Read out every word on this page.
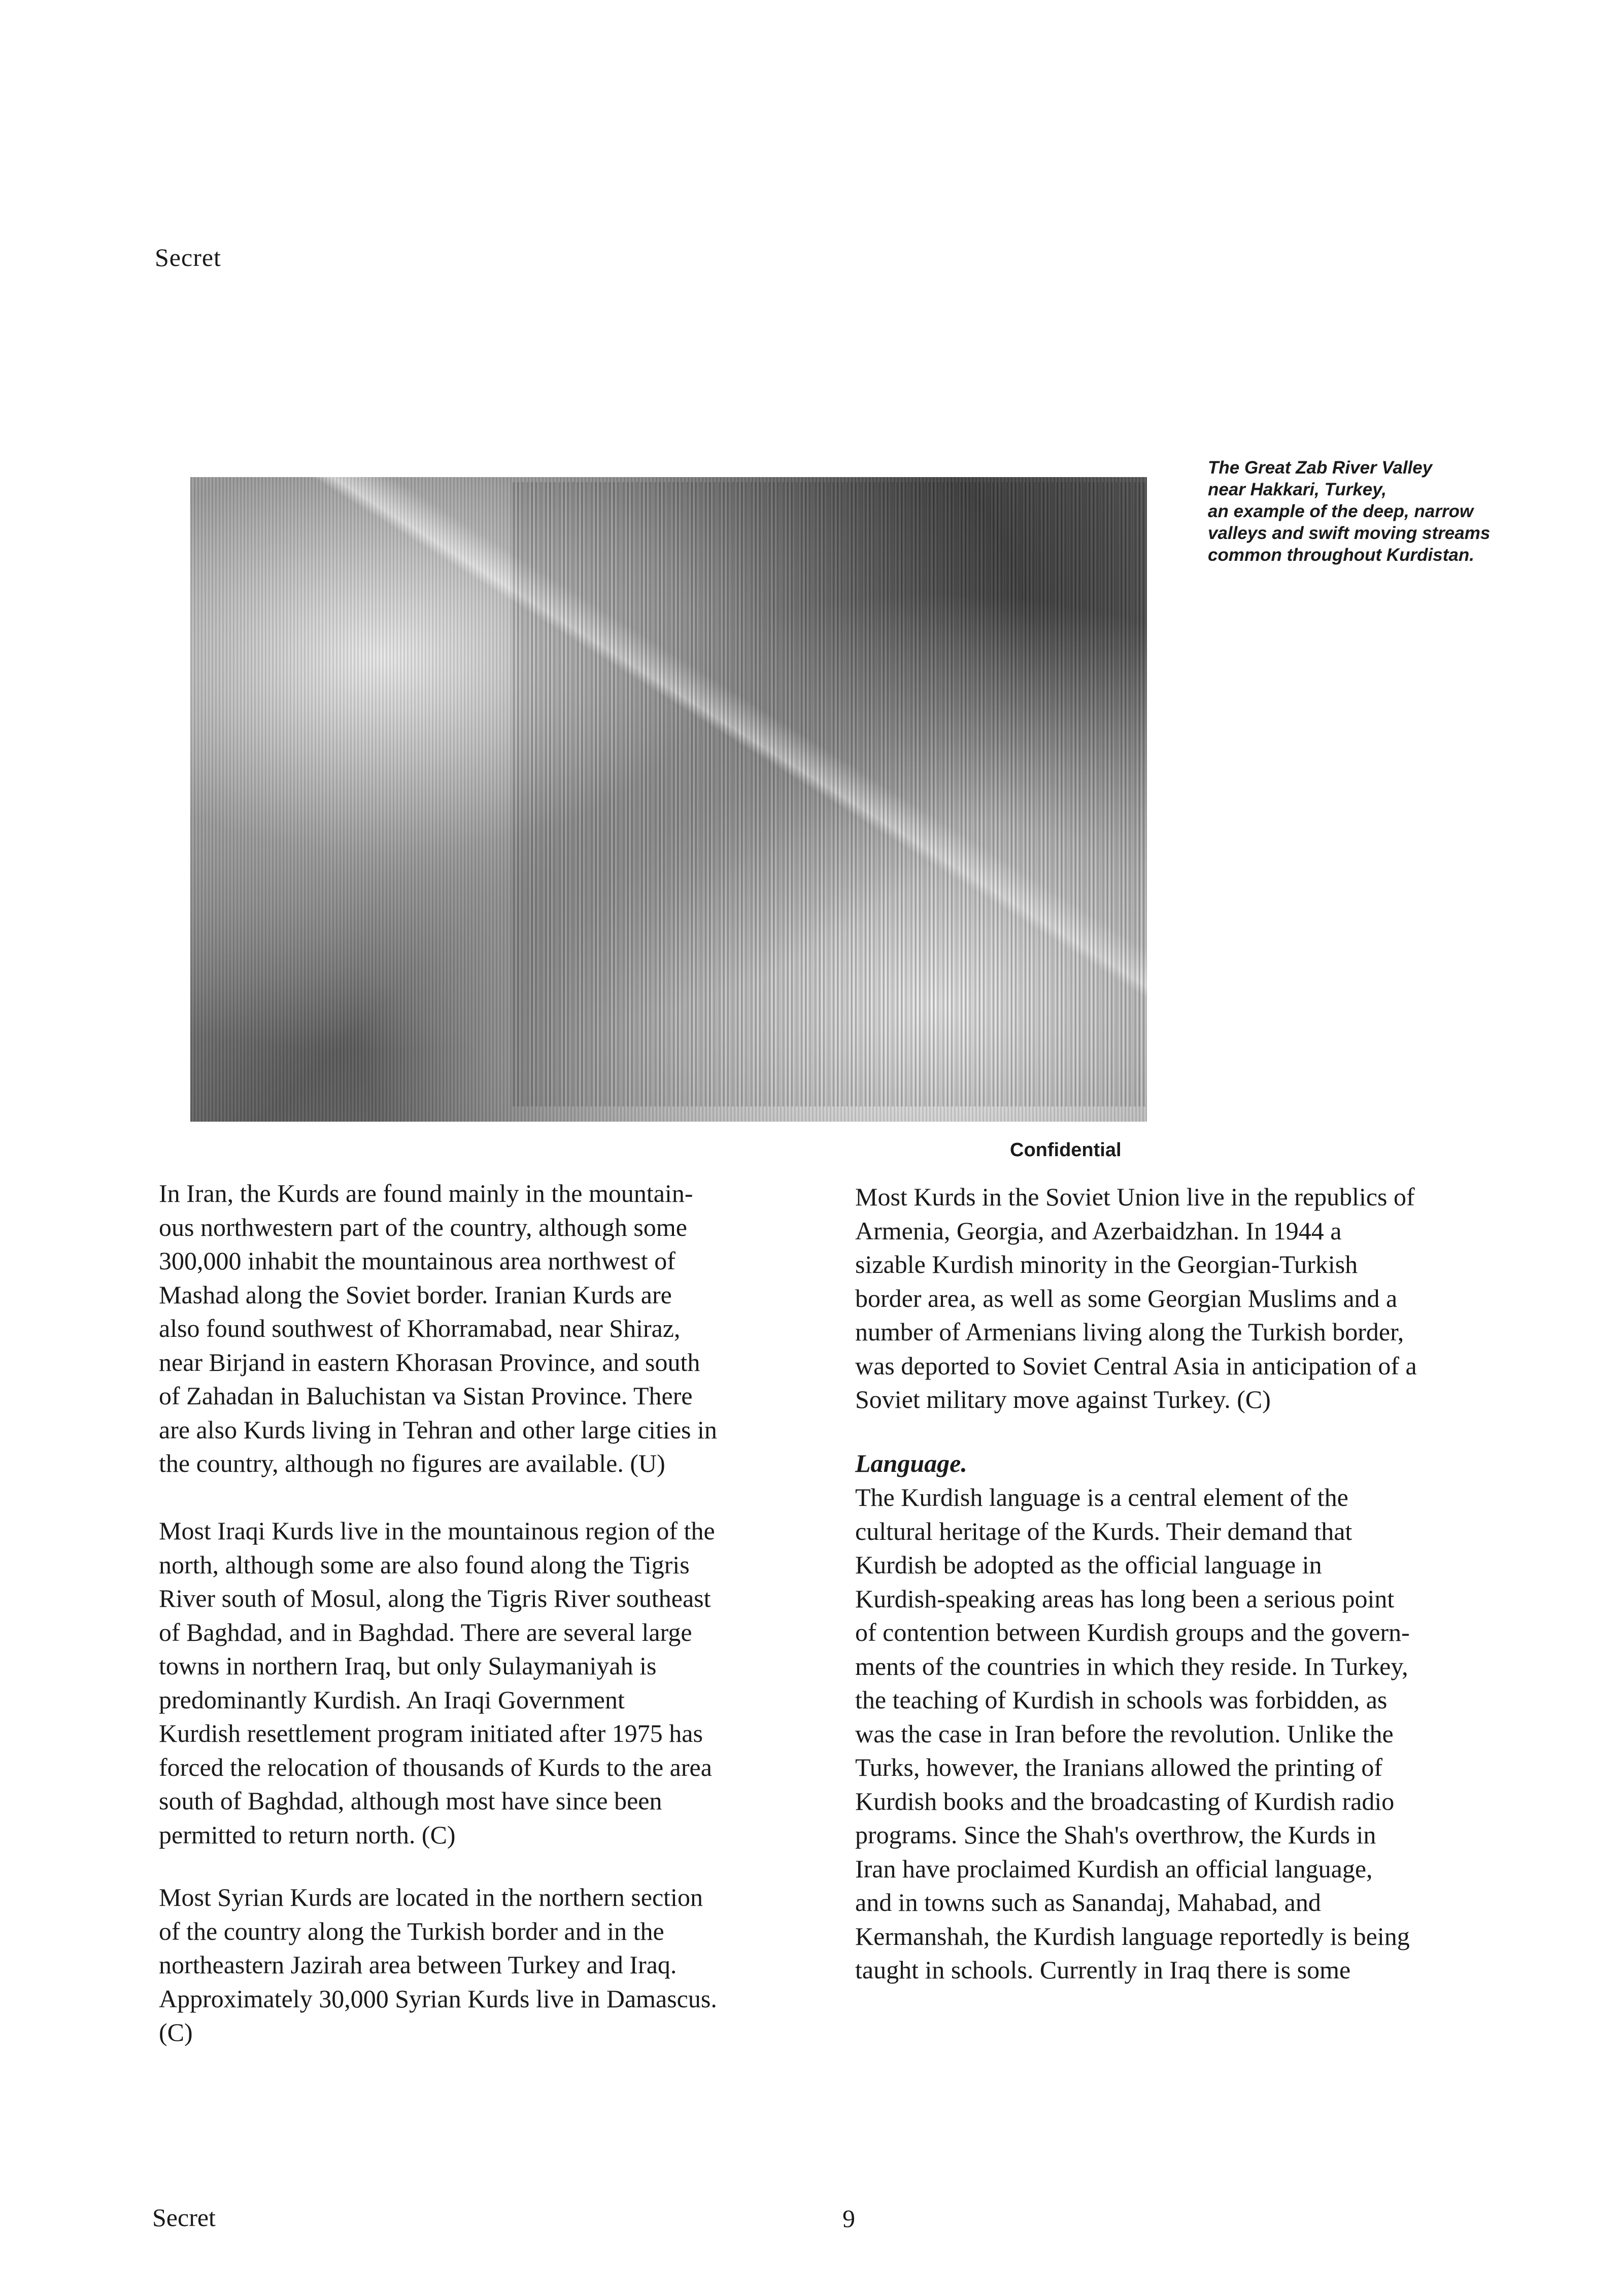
Secret
The Great Zab River Valley
near Hakkari, Turkey,
an example of the deep, narrow
valleys and swift moving streams
common throughout Kurdistan.
Confidential
In Iran, the Kurds are found mainly in the mountain-
ous northwestern part of the country, although some
300,000 inhabit the mountainous area northwest of
Mashad along the Soviet border. Iranian Kurds are
also found southwest of Khorramabad, near Shiraz,
near Birjand in eastern Khorasan Province, and south
of Zahadan in Baluchistan va Sistan Province. There
are also Kurds living in Tehran and other large cities in
the country, although no figures are available. (U)
Most Iraqi Kurds live in the mountainous region of the
north, although some are also found along the Tigris
River south of Mosul, along the Tigris River southeast
of Baghdad, and in Baghdad. There are several large
towns in northern Iraq, but only Sulaymaniyah is
predominantly Kurdish. An Iraqi Government
Kurdish resettlement program initiated after 1975 has
forced the relocation of thousands of Kurds to the area
south of Baghdad, although most have since been
permitted to return north. (C)
Most Syrian Kurds are located in the northern section
of the country along the Turkish border and in the
northeastern Jazirah area between Turkey and Iraq.
Approximately 30,000 Syrian Kurds live in Damascus.
(C)
Most Kurds in the Soviet Union live in the republics of
Armenia, Georgia, and Azerbaidzhan. In 1944 a
sizable Kurdish minority in the Georgian-Turkish
border area, as well as some Georgian Muslims and a
number of Armenians living along the Turkish border,
was deported to Soviet Central Asia in anticipation of a
Soviet military move against Turkey. (C)
Language.
The Kurdish language is a central element of the
cultural heritage of the Kurds. Their demand that
Kurdish be adopted as the official language in
Kurdish-speaking areas has long been a serious point
of contention between Kurdish groups and the govern-
ments of the countries in which they reside. In Turkey,
the teaching of Kurdish in schools was forbidden, as
was the case in Iran before the revolution. Unlike the
Turks, however, the Iranians allowed the printing of
Kurdish books and the broadcasting of Kurdish radio
programs. Since the Shah's overthrow, the Kurds in
Iran have proclaimed Kurdish an official language,
and in towns such as Sanandaj, Mahabad, and
Kermanshah, the Kurdish language reportedly is being
taught in schools. Currently in Iraq there is some
Secret	9
